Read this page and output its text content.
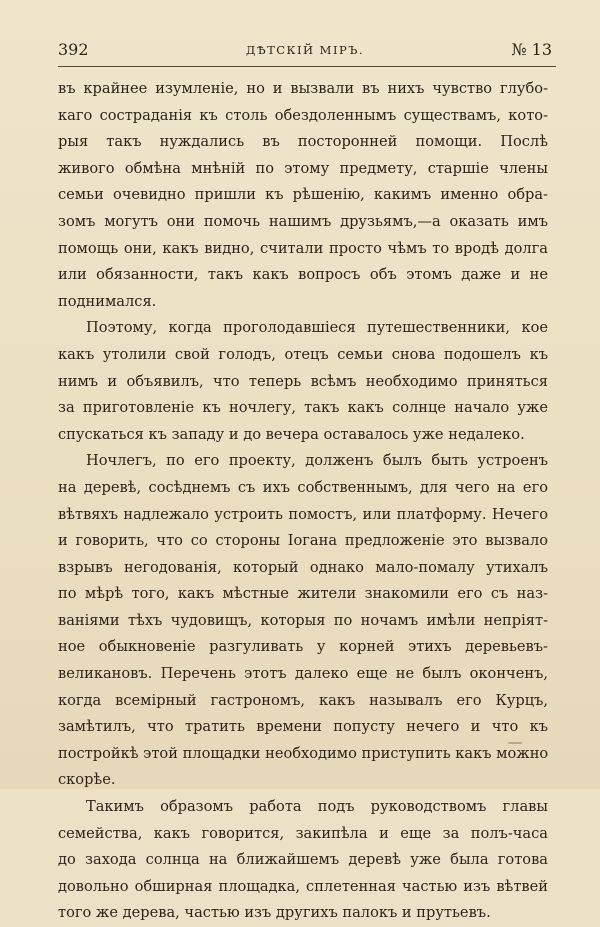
392	ДѢТСКІЙ МІРЪ.	№ 13
въ крайнее изумленіе, но и вызвали въ нихъ чувство глубо-
каго состраданія къ столь обездоленнымъ существамъ, кото-
рыя такъ нуждались въ посторонней помощи. Послѣ
живого обмѣна мнѣній по этому предмету, старшіе члены
семьи очевидно пришли къ рѣшенію, какимъ именно обра-
зомъ могутъ они помочь нашимъ друзьямъ,—а оказать имъ
помощь они, какъ видно, считали просто чѣмъ то вродѣ долга
или обязанности, такъ какъ вопросъ объ этомъ даже и не
поднимался.
Поэтому, когда проголодавшіеся путешественники, кое
какъ утолили свой голодъ, отецъ семьи снова подошелъ къ
нимъ и объявилъ, что теперь всѣмъ необходимо приняться
за приготовленіе къ ночлегу, такъ какъ солнце начало уже
спускаться къ западу и до вечера оставалось уже недалеко.
Ночлегъ, по его проекту, долженъ былъ быть устроенъ
на деревѣ, сосѣднемъ съ ихъ собственнымъ, для чего на его
вѣтвяхъ надлежало устроить помостъ, или платформу. Нечего
и говорить, что со стороны Іогана предложеніе это вызвало
взрывъ негодованія, который однако мало-помалу утихалъ
по мѣрѣ того, какъ мѣстные жители знакомили его съ наз-
ваніями тѣхъ чудовищъ, которыя по ночамъ имѣли непріят-
ное обыкновеніе разгуливать у корней этихъ деревьевъ-
великановъ. Перечень этотъ далеко еще не былъ оконченъ,
когда всемірный гастрономъ, какъ называлъ его Курцъ,
замѣтилъ, что тратить времени попусту нечего и что къ
постройкѣ этой площадки необходимо приступить какъ можно
скорѣе.
Такимъ образомъ работа подъ руководствомъ главы
семейства, какъ говорится, закипѣла и еще за полъ-часа
до захода солнца на ближайшемъ деревѣ уже была готова
довольно обширная площадка, сплетенная частью изъ вѣтвей
того же дерева, частью изъ другихъ палокъ и прутьевъ.
